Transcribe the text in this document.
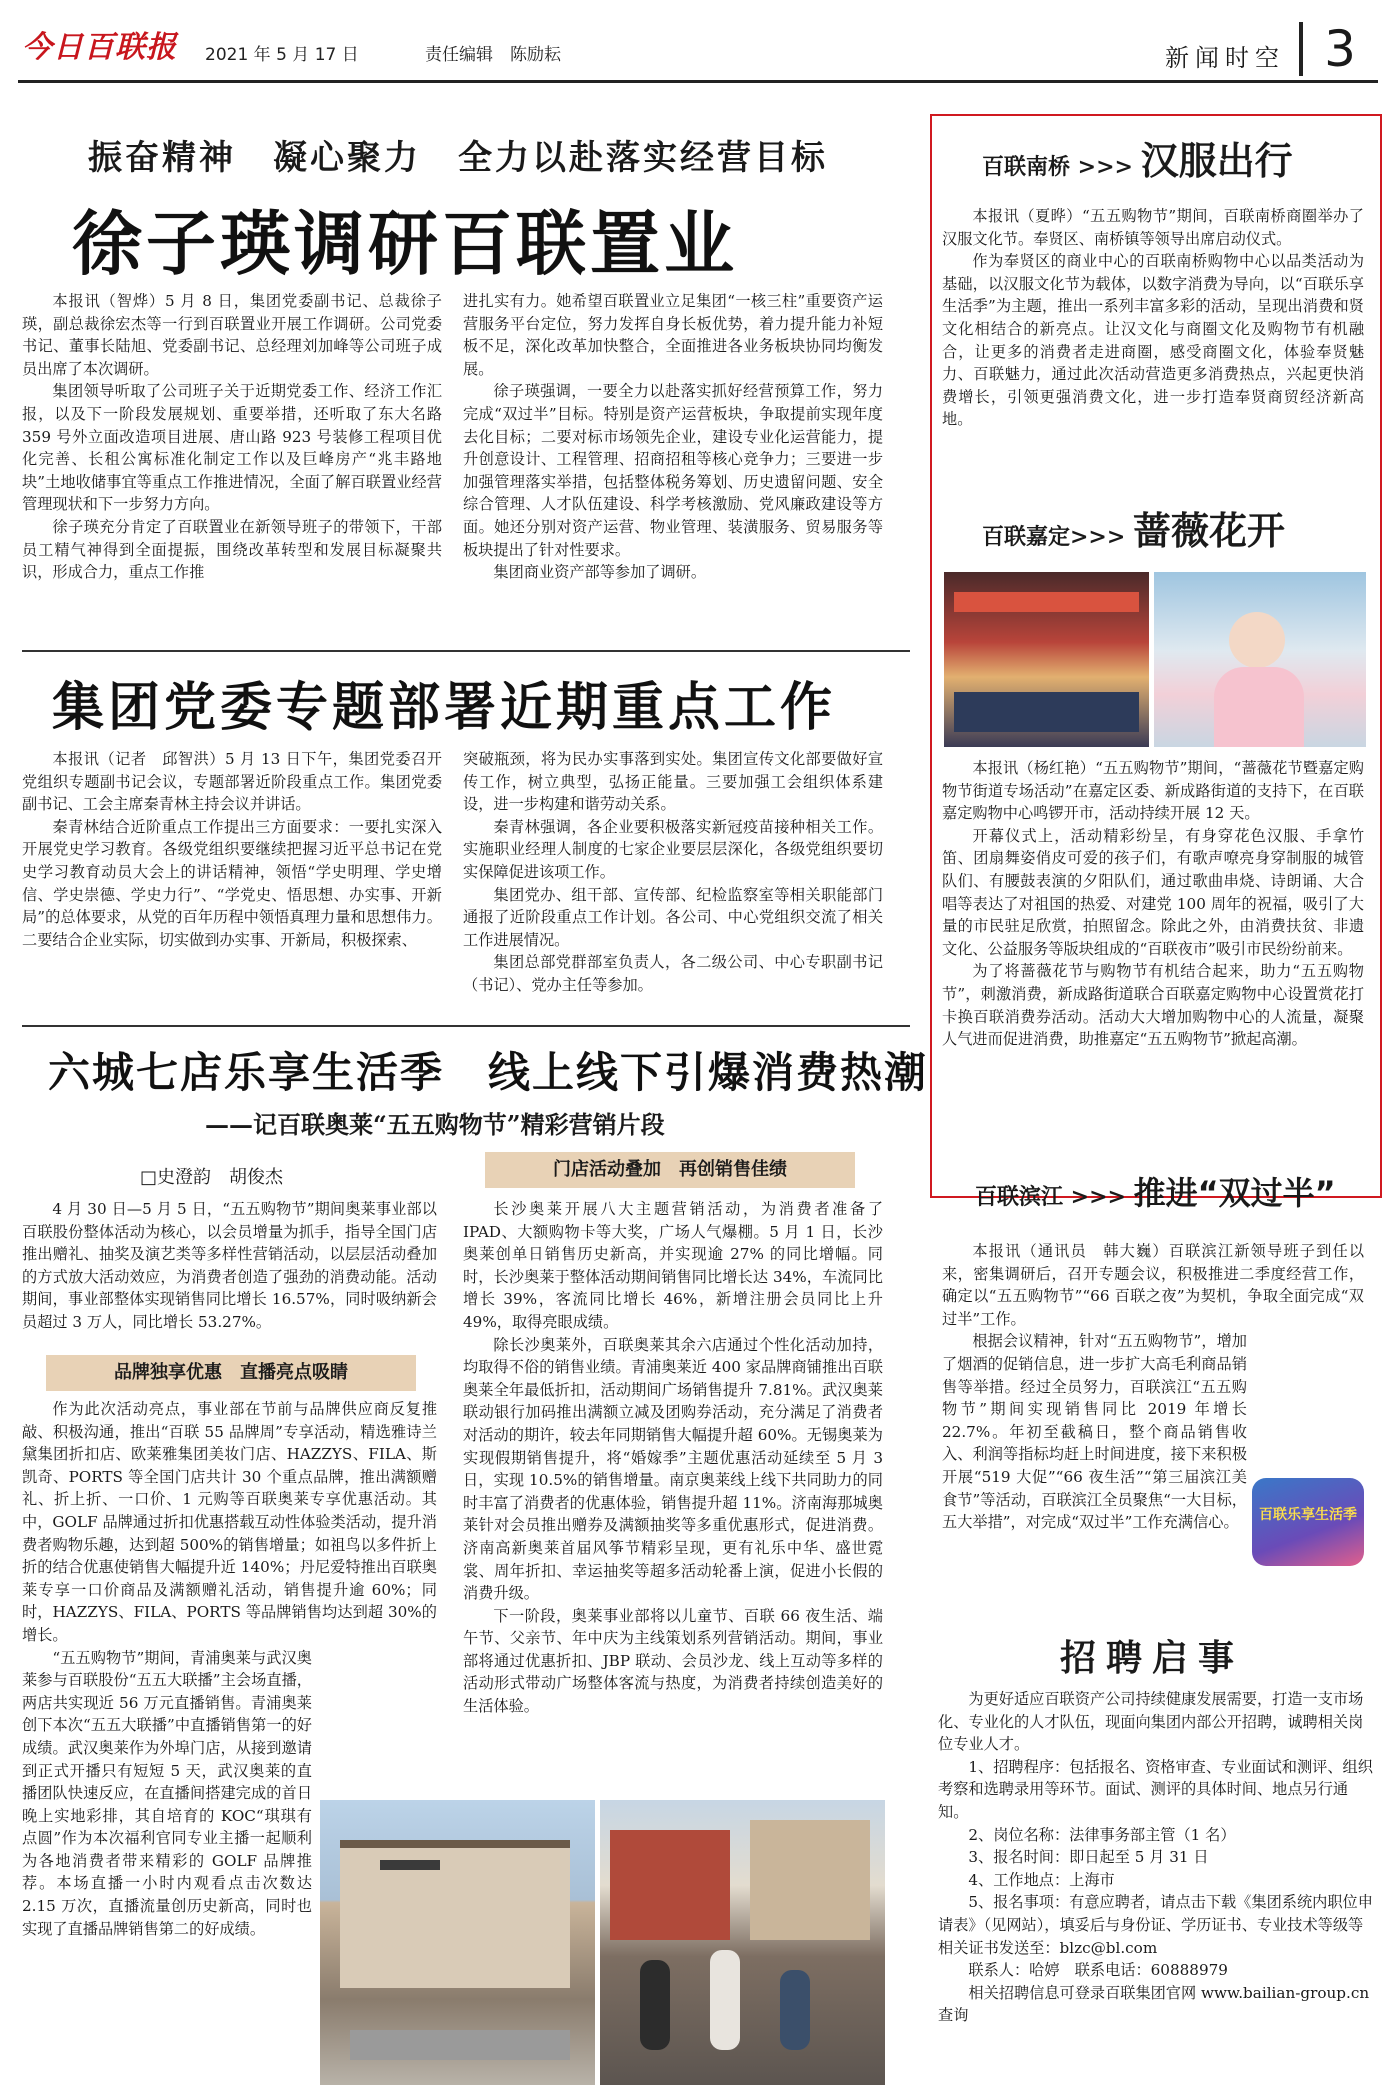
今日百联报 2021 年 5 月 17 日	责任编辑　陈励耘	新闻时空 3
振奋精神　凝心聚力　全力以赴落实经营目标
徐子瑛调研百联置业

本报讯（智烨）5 月 8 日，集团党委副书记、总裁徐子瑛，副总裁徐宏杰等一行到百联置业开展工作调研。公司党委书记、董事长陆旭、党委副书记、总经理刘加峰等公司班子成员出席了本次调研。

集团领导听取了公司班子关于近期党委工作、经济工作汇报，以及下一阶段发展规划、重要举措，还听取了东大名路 359 号外立面改造项目进展、唐山路 923 号装修工程项目优化完善、长租公寓标准化制定工作以及巨峰房产“兆丰路地块”土地收储事宜等重点工作推进情况，全面了解百联置业经营管理现状和下一步努力方向。

徐子瑛充分肯定了百联置业在新领导班子的带领下，干部员工精气神得到全面提振，围绕改革转型和发展目标凝聚共识，形成合力，重点工作推

进扎实有力。她希望百联置业立足集团“一核三柱”重要资产运营服务平台定位，努力发挥自身长板优势，着力提升能力补短板不足，深化改革加快整合，全面推进各业务板块协同均衡发展。

徐子瑛强调，一要全力以赴落实抓好经营预算工作，努力完成“双过半”目标。特别是资产运营板块，争取提前实现年度去化目标；二要对标市场领先企业，建设专业化运营能力，提升创意设计、工程管理、招商招租等核心竞争力；三要进一步加强管理落实举措，包括整体税务筹划、历史遗留问题、安全综合管理、人才队伍建设、科学考核激励、党风廉政建设等方面。她还分别对资产运营、物业管理、装潢服务、贸易服务等板块提出了针对性要求。

集团商业资产部等参加了调研。

集团党委专题部署近期重点工作

本报讯（记者　邱智洪）5 月 13 日下午，集团党委召开党组织专题副书记会议，专题部署近阶段重点工作。集团党委副书记、工会主席秦青林主持会议并讲话。

秦青林结合近阶重点工作提出三方面要求：一要扎实深入开展党史学习教育。各级党组织要继续把握习近平总书记在党史学习教育动员大会上的讲话精神，领悟“学史明理、学史增信、学史崇德、学史力行”、“学党史、悟思想、办实事、开新局”的总体要求，从党的百年历程中领悟真理力量和思想伟力。二要结合企业实际，切实做到办实事、开新局，积极探索、

突破瓶颈，将为民办实事落到实处。集团宣传文化部要做好宣传工作，树立典型，弘扬正能量。三要加强工会组织体系建设，进一步构建和谐劳动关系。

秦青林强调，各企业要积极落实新冠疫苗接种相关工作。实施职业经理人制度的七家企业要层层深化，各级党组织要切实保障促进该项工作。

集团党办、组干部、宣传部、纪检监察室等相关职能部门通报了近阶段重点工作计划。各公司、中心党组织交流了相关工作进展情况。

集团总部党群部室负责人，各二级公司、中心专职副书记（书记）、党办主任等参加。

六城七店乐享生活季　线上线下引爆消费热潮
——记百联奥莱“五五购物节”精彩营销片段
□史澄韵　胡俊杰

4 月 30 日—5 月 5 日，“五五购物节”期间奥莱事业部以百联股份整体活动为核心，以会员增量为抓手，指导全国门店推出赠礼、抽奖及演艺类等多样性营销活动，以层层活动叠加的方式放大活动效应，为消费者创造了强劲的消费动能。活动期间，事业部整体实现销售同比增长 16.57%，同时吸纳新会员超过 3 万人，同比增长 53.27%。

品牌独享优惠　直播亮点吸睛

作为此次活动亮点，事业部在节前与品牌供应商反复推敲、积极沟通，推出“百联 55 品牌周”专享活动，精选雅诗兰黛集团折扣店、欧莱雅集团美妆门店、HAZZYS、FILA、斯凯奇、PORTS 等全国门店共计 30 个重点品牌，推出满额赠礼、折上折、一口价、1 元购等百联奥莱专享优惠活动。其中，GOLF 品牌通过折扣优惠搭载互动性体验类活动，提升消费者购物乐趣，达到超 500%的销售增量；如祖鸟以多件折上折的结合优惠使销售大幅提升近 140%；丹尼爱特推出百联奥莱专享一口价商品及满额赠礼活动，销售提升逾 60%；同时，HAZZYS、FILA、PORTS 等品牌销售均达到超 30%的增长。

“五五购物节”期间，青浦奥莱与武汉奥莱参与百联股份“五五大联播”主会场直播，两店共实现近 56 万元直播销售。青浦奥莱创下本次“五五大联播”中直播销售第一的好成绩。武汉奥莱作为外埠门店，从接到邀请到正式开播只有短短 5 天，武汉奥莱的直播团队快速反应，在直播间搭建完成的首日晚上实地彩排，其自培育的 KOC“琪琪有点圆”作为本次福利官同专业主播一起顺利为各地消费者带来精彩的 GOLF 品牌推荐。本场直播一小时内观看点击次数达 2.15 万次，直播流量创历史新高，同时也实现了直播品牌销售第二的好成绩。

门店活动叠加　再创销售佳绩

长沙奥莱开展八大主题营销活动，为消费者准备了 IPAD、大额购物卡等大奖，广场人气爆棚。5 月 1 日，长沙奥莱创单日销售历史新高，并实现逾 27% 的同比增幅。同时，长沙奥莱于整体活动期间销售同比增长达 34%，车流同比增长 39%，客流同比增长 46%，新增注册会员同比上升 49%，取得亮眼成绩。

除长沙奥莱外，百联奥莱其余六店通过个性化活动加持，均取得不俗的销售业绩。青浦奥莱近 400 家品牌商铺推出百联奥莱全年最低折扣，活动期间广场销售提升 7.81%。武汉奥莱联动银行加码推出满额立减及团购券活动，充分满足了消费者对活动的期许，较去年同期销售大幅提升超 60%。无锡奥莱为实现假期销售提升，将“婚嫁季”主题优惠活动延续至 5 月 3 日，实现 10.5%的销售增量。南京奥莱线上线下共同助力的同时丰富了消费者的优惠体验，销售提升超 11%。济南海那城奥莱针对会员推出赠券及满额抽奖等多重优惠形式，促进消费。济南高新奥莱首届风筝节精彩呈现，更有礼乐中华、盛世霓裳、周年折扣、幸运抽奖等超多活动轮番上演，促进小长假的消费升级。

下一阶段，奥莱事业部将以儿童节、百联 66 夜生活、端午节、父亲节、年中庆为主线策划系列营销活动。期间，事业部将通过优惠折扣、JBP 联动、会员沙龙、线上互动等多样的活动形式带动广场整体客流与热度，为消费者持续创造美好的生活体验。

百联南桥 >>> 汉服出行

本报讯（夏晔）“五五购物节”期间，百联南桥商圈举办了汉服文化节。奉贤区、南桥镇等领导出席启动仪式。

作为奉贤区的商业中心的百联南桥购物中心以品类活动为基础，以汉服文化节为载体，以数字消费为导向，以“百联乐享生活季”为主题，推出一系列丰富多彩的活动，呈现出消费和贤文化相结合的新亮点。让汉文化与商圈文化及购物节有机融合，让更多的消费者走进商圈，感受商圈文化，体验奉贤魅力、百联魅力，通过此次活动营造更多消费热点，兴起更快消费增长，引领更强消费文化，进一步打造奉贤商贸经济新高地。

百联嘉定>>> 蔷薇花开

本报讯（杨红艳）“五五购物节”期间，“蔷薇花节暨嘉定购物节街道专场活动”在嘉定区委、新成路街道的支持下，在百联嘉定购物中心鸣锣开市，活动持续开展 12 天。

开幕仪式上，活动精彩纷呈，有身穿花色汉服、手拿竹笛、团扇舞姿俏皮可爱的孩子们，有歌声嘹亮身穿制服的城管队们、有腰鼓表演的夕阳队们，通过歌曲串烧、诗朗诵、大合唱等表达了对祖国的热爱、对建党 100 周年的祝福，吸引了大量的市民驻足欣赏，拍照留念。除此之外，由消费扶贫、非遗文化、公益服务等版块组成的“百联夜市”吸引市民纷纷前来。

为了将蔷薇花节与购物节有机结合起来，助力“五五购物节”，刺激消费，新成路街道联合百联嘉定购物中心设置赏花打卡换百联消费券活动。活动大大增加购物中心的人流量，凝聚人气进而促进消费，助推嘉定“五五购物节”掀起高潮。

百联滨江 >>> 推进“双过半”

本报讯（通讯员　韩大巍）百联滨江新领导班子到任以来，密集调研后，召开专题会议，积极推进二季度经营工作，确定以“五五购物节”“66 百联之夜”为契机，争取全面完成“双过半”工作。

根据会议精神，针对“五五购物节”，增加了烟酒的促销信息，进一步扩大高毛利商品销售等举措。经过全员努力，百联滨江“五五购物节”期间实现销售同比 2019 年增长 22.7%。年初至截稿日，整个商品销售收入、利润等指标均赶上时间进度，接下来积极开展“519 大促”“66 夜生活”“第三届滨江美食节”等活动，百联滨江全员聚焦“一大目标，五大举措”，对完成“双过半”工作充满信心。	百联乐享生活季
招聘启事

为更好适应百联资产公司持续健康发展需要，打造一支市场化、专业化的人才队伍，现面向集团内部公开招聘，诚聘相关岗位专业人才。

1、招聘程序：包括报名、资格审查、专业面试和测评、组织考察和选聘录用等环节。面试、测评的具体时间、地点另行通知。

2、岗位名称：法律事务部主管（1 名）

3、报名时间：即日起至 5 月 31 日

4、工作地点：上海市

5、报名事项：有意应聘者，请点击下载《集团系统内职位申请表》（见网站），填妥后与身份证、学历证书、专业技术等级等相关证书发送至：blzc@bl.com

联系人：哈婷　联系电话：60888979

相关招聘信息可登录百联集团官网 www.bailian-group.cn 查询
